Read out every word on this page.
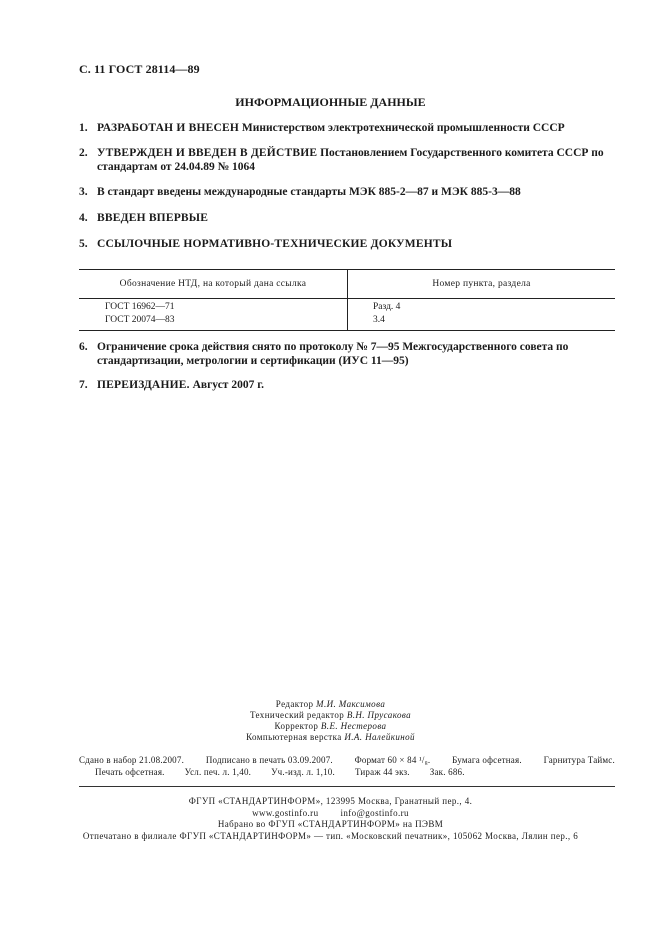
С. 11 ГОСТ 28114—89
ИНФОРМАЦИОННЫЕ ДАННЫЕ
1. РАЗРАБОТАН И ВНЕСЕН Министерством электротехнической промышленности СССР
2. УТВЕРЖДЕН И ВВЕДЕН В ДЕЙСТВИЕ Постановлением Государственного комитета СССР по стандартам от 24.04.89 № 1064
3. В стандарт введены международные стандарты МЭК 885-2—87 и МЭК 885-3—88
4. ВВЕДЕН ВПЕРВЫЕ
5. ССЫЛОЧНЫЕ НОРМАТИВНО-ТЕХНИЧЕСКИЕ ДОКУМЕНТЫ
Обозначение НТД, на который дана ссылка	Номер пункта, раздела
ГОСТ 16962—71	Разд. 4
ГОСТ 20074—83	3.4
6. Ограничение срока действия снято по протоколу № 7—95 Межгосударственного совета по стандартизации, метрологии и сертификации (ИУС 11—95)
7. ПЕРЕИЗДАНИЕ. Август 2007 г.
Редактор М.И. Максимова
Технический редактор В.Н. Прусакова
Корректор В.Е. Нестерова
Компьютерная верстка И.А. Налейкиной
Сдано в набор 21.08.2007. Подписано в печать 03.09.2007. Формат 60 × 84 ¹/₈. Бумага офсетная. Гарнитура Таймс.
Печать офсетная. Усл. печ. л. 1,40. Уч.-изд. л. 1,10. Тираж 44 экз. Зак. 686.
ФГУП «СТАНДАРТИНФОРМ», 123995 Москва, Гранатный пер., 4.
www.gostinfo.ru info@gostinfo.ru
Набрано во ФГУП «СТАНДАРТИНФОРМ» на ПЭВМ
Отпечатано в филиале ФГУП «СТАНДАРТИНФОРМ» — тип. «Московский печатник», 105062 Москва, Лялин пер., 6
